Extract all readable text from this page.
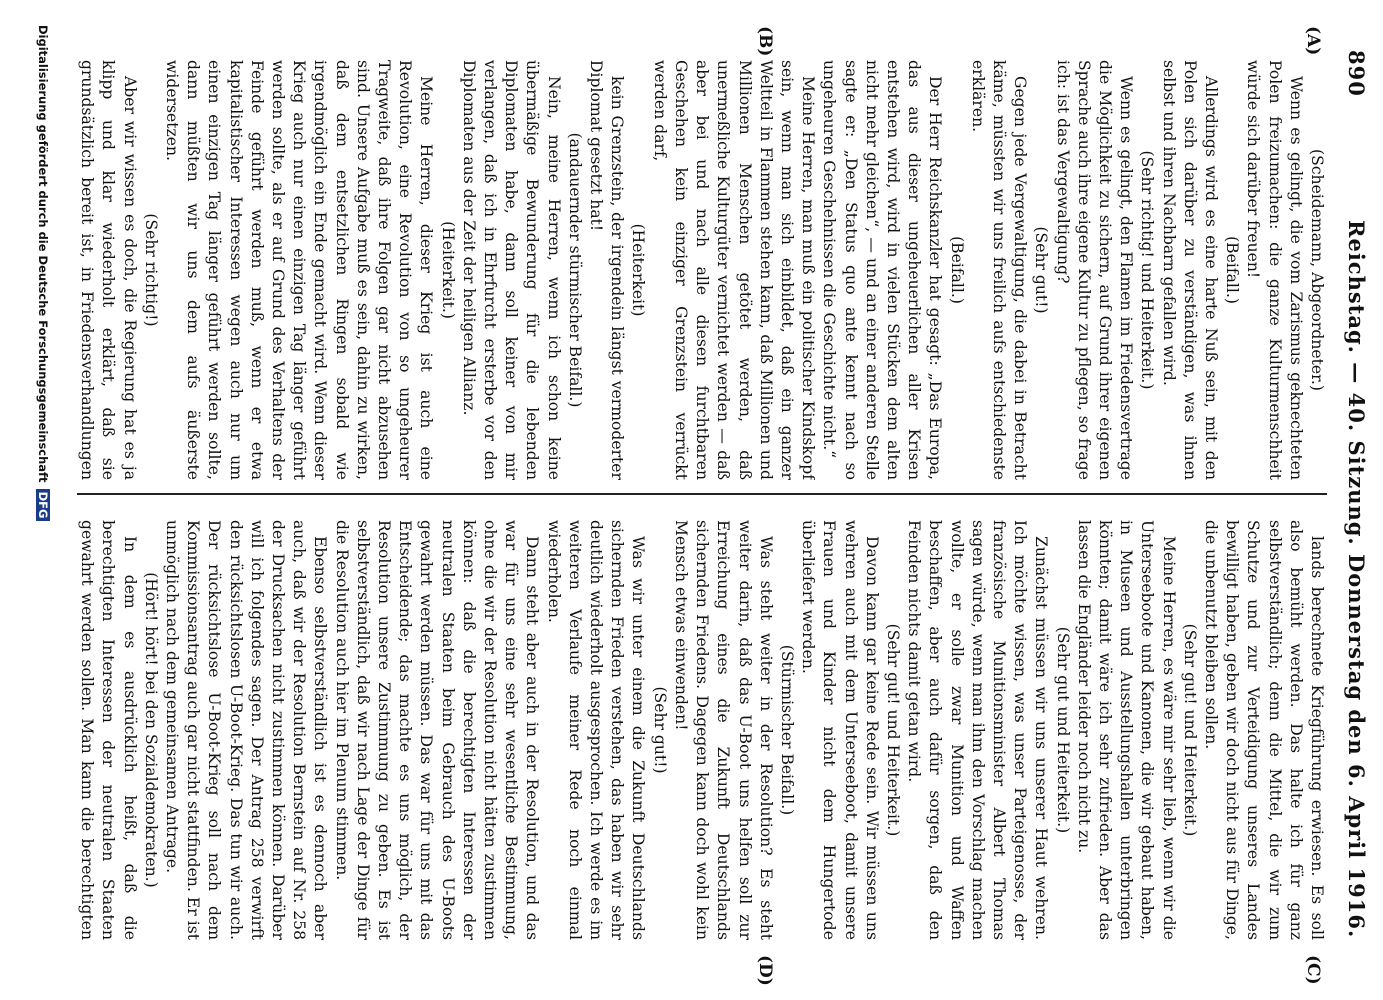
890
Reichstag. — 40. Sitzung. Donnerstag den 6. April 1916.
(A)
(B)
(C)
(D)

(Scheidemann, Abgeordneter.)

Wenn es gelingt, die vom Zarismus geknechteten Polen freizumachen: die ganze Kulturmenschheit würde sich darüber freuen!

(Beifall.)

Allerdings wird es eine harte Nuß sein, mit den Polen sich darüber zu verständigen, was ihnen selbst und ihren Nachbarn gefallen wird.

(Sehr richtig! und Heiterkeit.)

Wenn es gelingt, den Flamen im Friedensvertrage die Möglichkeit zu sichern, auf Grund ihrer eigenen Sprache auch ihre eigene Kultur zu pflegen, so frage ich: ist das Vergewaltigung?

(Sehr gut!)

Gegen jede Vergewaltigung, die dabei in Betracht käme, müssten wir uns freilich aufs entschiedenste erklären.

(Beifall.)

Der Herr Reichskanzler hat gesagt: „Das Europa, das aus dieser ungeheuerlichen aller Krisen entstehen wird, wird in vielen Stücken dem alten nicht mehr gleichen“, — und an einer anderen Stelle sagte er: „Den Status quo ante kennt nach so ungeheuren Geschehnissen die Geschichte nicht.“

Meine Herren, man muß ein politischer Kindskopf sein, wenn man sich einbildet, daß ein ganzer Weltteil in Flammen stehen kann, daß Millionen und Millionen Menschen getötet werden, daß unermeßliche Kulturgüter vernichtet werden — daß aber bei und nach alle diesen furchtbaren Geschehen kein einziger Grenzstein verrückt werden darf,

(Heiterkeit)

kein Grenzstein, der irgendein längst vermoderter Diplomat gesetzt hat!

(andauernder stürmischer Beifall.)

Nein, meine Herren, wenn ich schon keine übermäßige Bewunderung für die lebenden Diplomaten habe, dann soll keiner von mir verlangen, daß ich in Ehrfurcht ersterbe vor den Diplomaten aus der Zeit der heiligen Allianz.

(Heiterkeit.)

Meine Herren, dieser Krieg ist auch eine Revolution, eine Revolution von so ungeheurer Tragweite, daß ihre Folgen gar nicht abzusehen sind. Unsere Aufgabe muß es sein, dahin zu wirken, daß dem entsetzlichen Ringen sobald wie irgendmöglich ein Ende gemacht wird. Wenn dieser Krieg auch nur einen einzigen Tag länger geführt werden sollte, als er auf Grund des Verhaltens der Feinde geführt werden muß, wenn er etwa kapitalistischer Interessen wegen auch nur um einen einzigen Tag länger geführt werden sollte, dann müßten wir uns dem aufs äußerste widersetzen.

(Sehr richtig!)

Aber wir wissen es doch, die Regierung hat es ja klipp und klar wiederholt erklärt, daß sie grundsätzlich bereit ist, in Friedensverhandlungen

lands berechnete Kriegführung erwiesen. Es soll also bemüht werden. Das halte ich für ganz selbstverständlich; denn die Mittel, die wir zum Schutze und zur Verteidigung unseres Landes bewilligt haben, geben wir doch nicht aus für Dinge, die unbenutzt bleiben sollen.

(Sehr gut! und Heiterkeit.)

Meine Herren, es wäre mir sehr lieb, wenn wir die Unterseeboote und Kanonen, die wir gebaut haben, in Museen und Ausstellungshallen unterbringen könnten; damit wäre ich sehr zufrieden. Aber das lassen die Engländer leider noch nicht zu.

(Sehr gut und Heiterkeit.)

Zunächst müssen wir uns unserer Haut wehren. Ich möchte wissen, was unser Parteigenosse, der französische Munitionsminister Albert Thomas sagen würde, wenn man ihm den Vorschlag machen wollte, er solle zwar Munition und Waffen beschaffen, aber auch dafür sorgen, daß den Feinden nichts damit getan wird.

(Sehr gut! und Heiterkeit.)

Davon kann gar keine Rede sein. Wir müssen uns wehren auch mit dem Unterseeboot, damit unsere Frauen und Kinder nicht dem Hungertode überliefert werden.

(Stürmischer Beifall.)

Was steht weiter in der Resolution? Es steht weiter darin, daß das U-Boot uns helfen soll zur Erreichung eines die Zukunft Deutschlands sichernden Friedens. Dagegen kann doch wohl kein Mensch etwas einwenden!

(Sehr gut!)

Was wir unter einem die Zukunft Deutschlands sichernden Frieden verstehen, das haben wir sehr deutlich wiederholt ausgesprochen. Ich werde es im weiteren Verlaufe meiner Rede noch einmal wiederholen.

Dann steht aber auch in der Resolution, und das war für uns eine sehr wesentliche Bestimmung, ohne die wir der Resolution nicht hätten zustimmen können: daß die berechtigten Interessen der neutralen Staaten beim Gebrauch des U-Boots gewahrt werden müssen. Das war für uns mit das Entscheidende; das machte es uns möglich, der Resolution unsere Zustimmung zu geben. Es ist selbstverständlich, daß wir nach Lage der Dinge für die Resolution auch hier im Plenum stimmen.

Ebenso selbstverständlich ist es dennoch aber auch, daß wir der Resolution Bernstein auf Nr. 258 der Drucksachen nicht zustimmen können. Darüber will ich folgendes sagen. Der Antrag 258 verwirft den rücksichtslosen U-Boot-Krieg. Das tun wir auch. Der rücksichtslose U-Boot-Krieg soll nach dem Kommissionsantrag auch gar nicht stattfinden. Er ist unmöglich nach dem gemeinsamen Antrage.

(Hört! hört! bei den Sozialdemokraten.)

In dem es ausdrücklich heißt, daß die berechtigten Interessen der neutralen Staaten gewahrt werden sollen. Man kann die berechtigten

Digitalisierung gefördert durch die Deutsche ForschungsgemeinschaftDFG
